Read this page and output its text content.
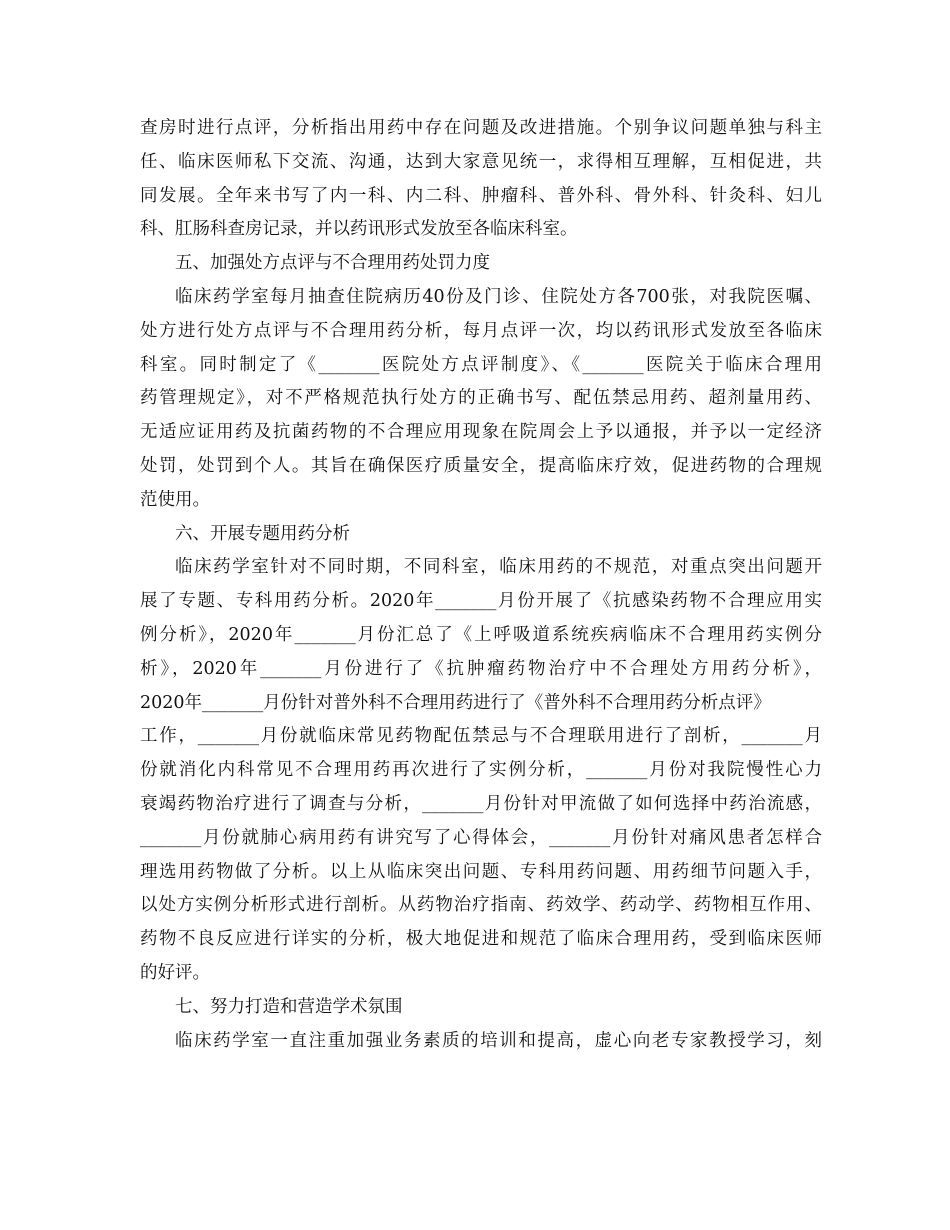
查房时进行点评，分析指出用药中存在问题及改进措施。个别争议问题单独与科主
任、临床医师私下交流、沟通，达到大家意见统一，求得相互理解，互相促进，共
同发展。全年来书写了内一科、内二科、肿瘤科、普外科、骨外科、针灸科、妇儿
科、肛肠科查房记录，并以药讯形式发放至各临床科室。
五、加强处方点评与不合理用药处罚力度
临床药学室每月抽查住院病历40份及门诊、住院处方各700张，对我院医嘱、
处方进行处方点评与不合理用药分析，每月点评一次，均以药讯形式发放至各临床
科室。同时制定了《_______医院处方点评制度》、《_______医院关于临床合理用
药管理规定》，对不严格规范执行处方的正确书写、配伍禁忌用药、超剂量用药、
无适应证用药及抗菌药物的不合理应用现象在院周会上予以通报，并予以一定经济
处罚，处罚到个人。其旨在确保医疗质量安全，提高临床疗效，促进药物的合理规
范使用。
六、开展专题用药分析
临床药学室针对不同时期，不同科室，临床用药的不规范，对重点突出问题开
展了专题、专科用药分析。2020年_______月份开展了《抗感染药物不合理应用实
例分析》，2020年_______月份汇总了《上呼吸道系统疾病临床不合理用药实例分
析》，2020年_______月份进行了《抗肿瘤药物治疗中不合理处方用药分析》，
2020年_______月份针对普外科不合理用药进行了《普外科不合理用药分析点评》
工作，_______月份就临床常见药物配伍禁忌与不合理联用进行了剖析，_______月
份就消化内科常见不合理用药再次进行了实例分析，_______月份对我院慢性心力
衰竭药物治疗进行了调查与分析，_______月份针对甲流做了如何选择中药治流感，
_______月份就肺心病用药有讲究写了心得体会，_______月份针对痛风患者怎样合
理选用药物做了分析。以上从临床突出问题、专科用药问题、用药细节问题入手，
以处方实例分析形式进行剖析。从药物治疗指南、药效学、药动学、药物相互作用、
药物不良反应进行详实的分析，极大地促进和规范了临床合理用药，受到临床医师
的好评。
七、努力打造和营造学术氛围
临床药学室一直注重加强业务素质的培训和提高，虚心向老专家教授学习，刻
